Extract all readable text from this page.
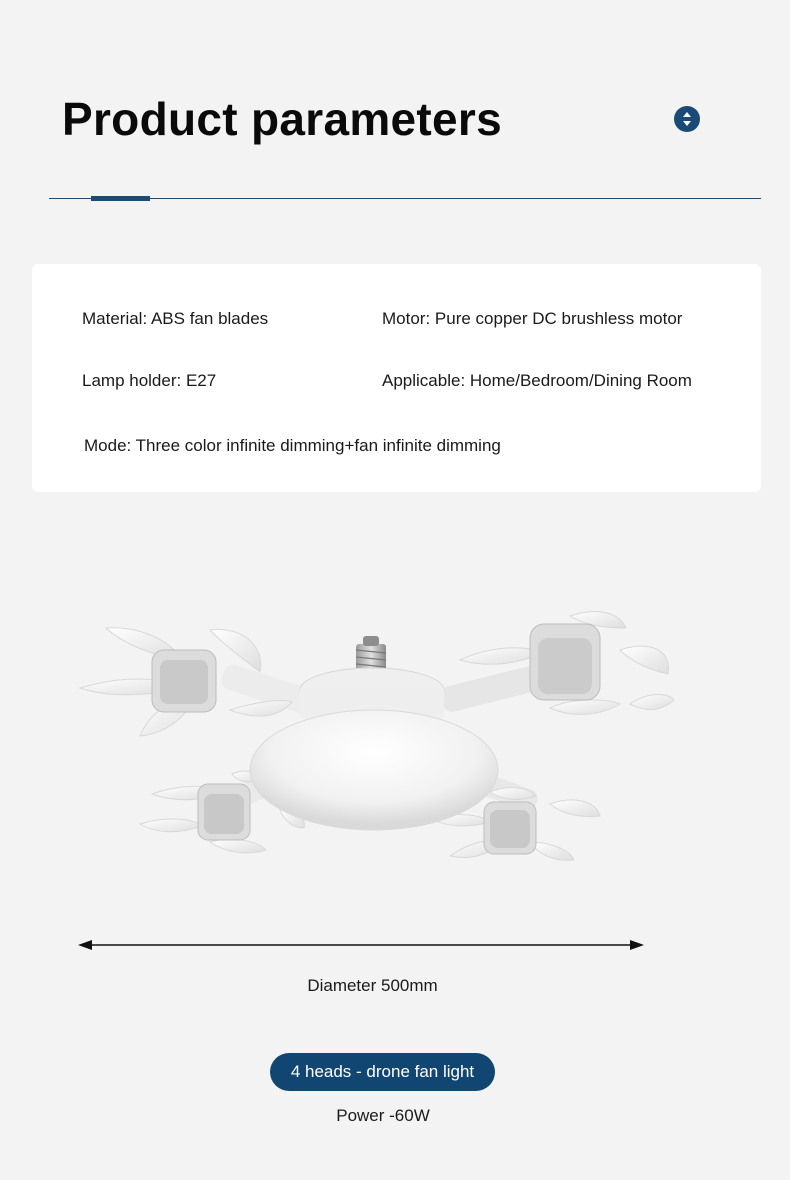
Product parameters
Material: ABS fan blades	Motor: Pure copper DC brushless motor
Lamp holder: E27	Applicable: Home/Bedroom/Dining Room
Mode: Three color infinite dimming+fan infinite dimming
Diameter 500mm
4 heads - drone fan light
Power -60W
